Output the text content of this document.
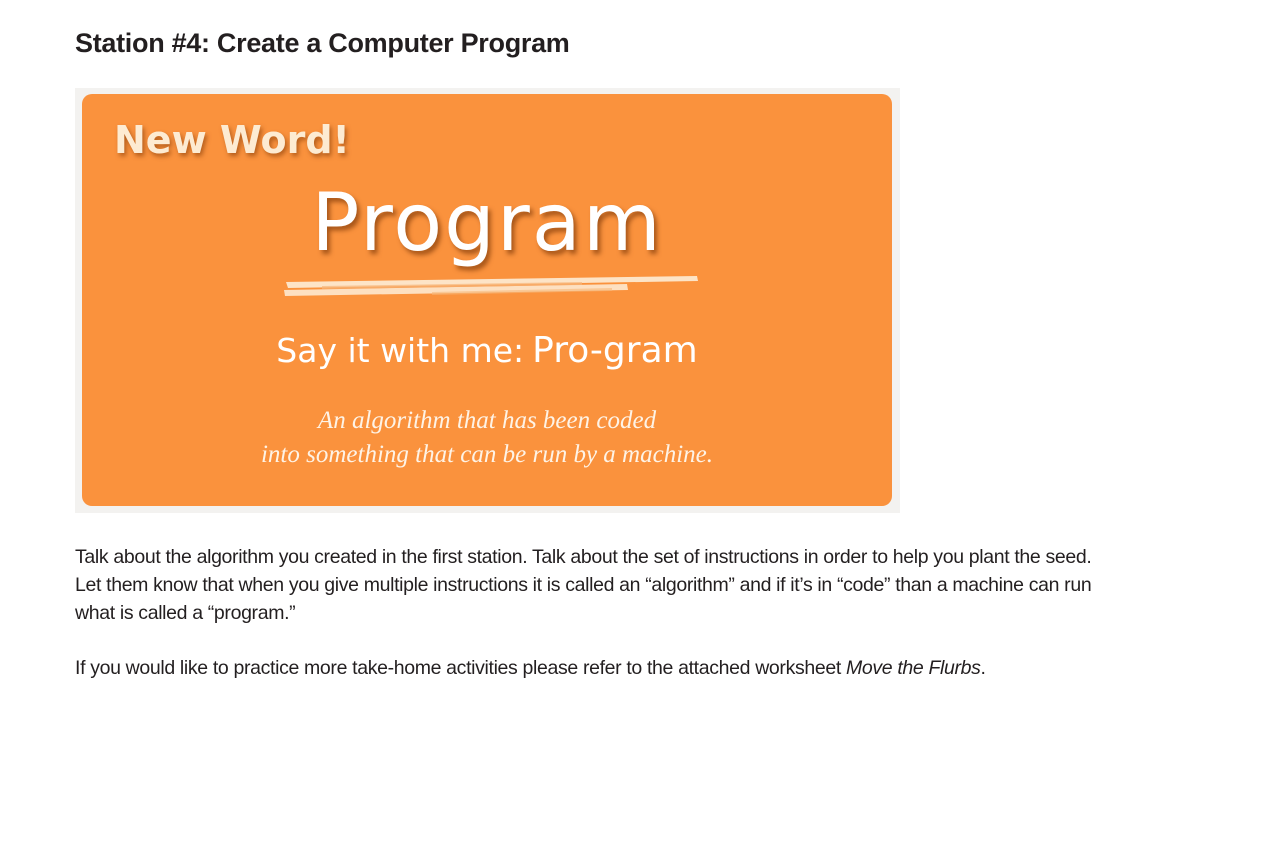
Station #4: Create a Computer Program
New Word!
Program
Say it with me: Pro-gram
An algorithm that has been coded
into something that can be run by a machine.

Talk about the algorithm you created in the first station. Talk about the set of instructions in order to help you plant the seed.
Let them know that when you give multiple instructions it is called an “algorithm” and if it’s in “code” than a machine can run
what is called a “program.”

If you would like to practice more take-home activities please refer to the attached worksheet Move the Flurbs.
